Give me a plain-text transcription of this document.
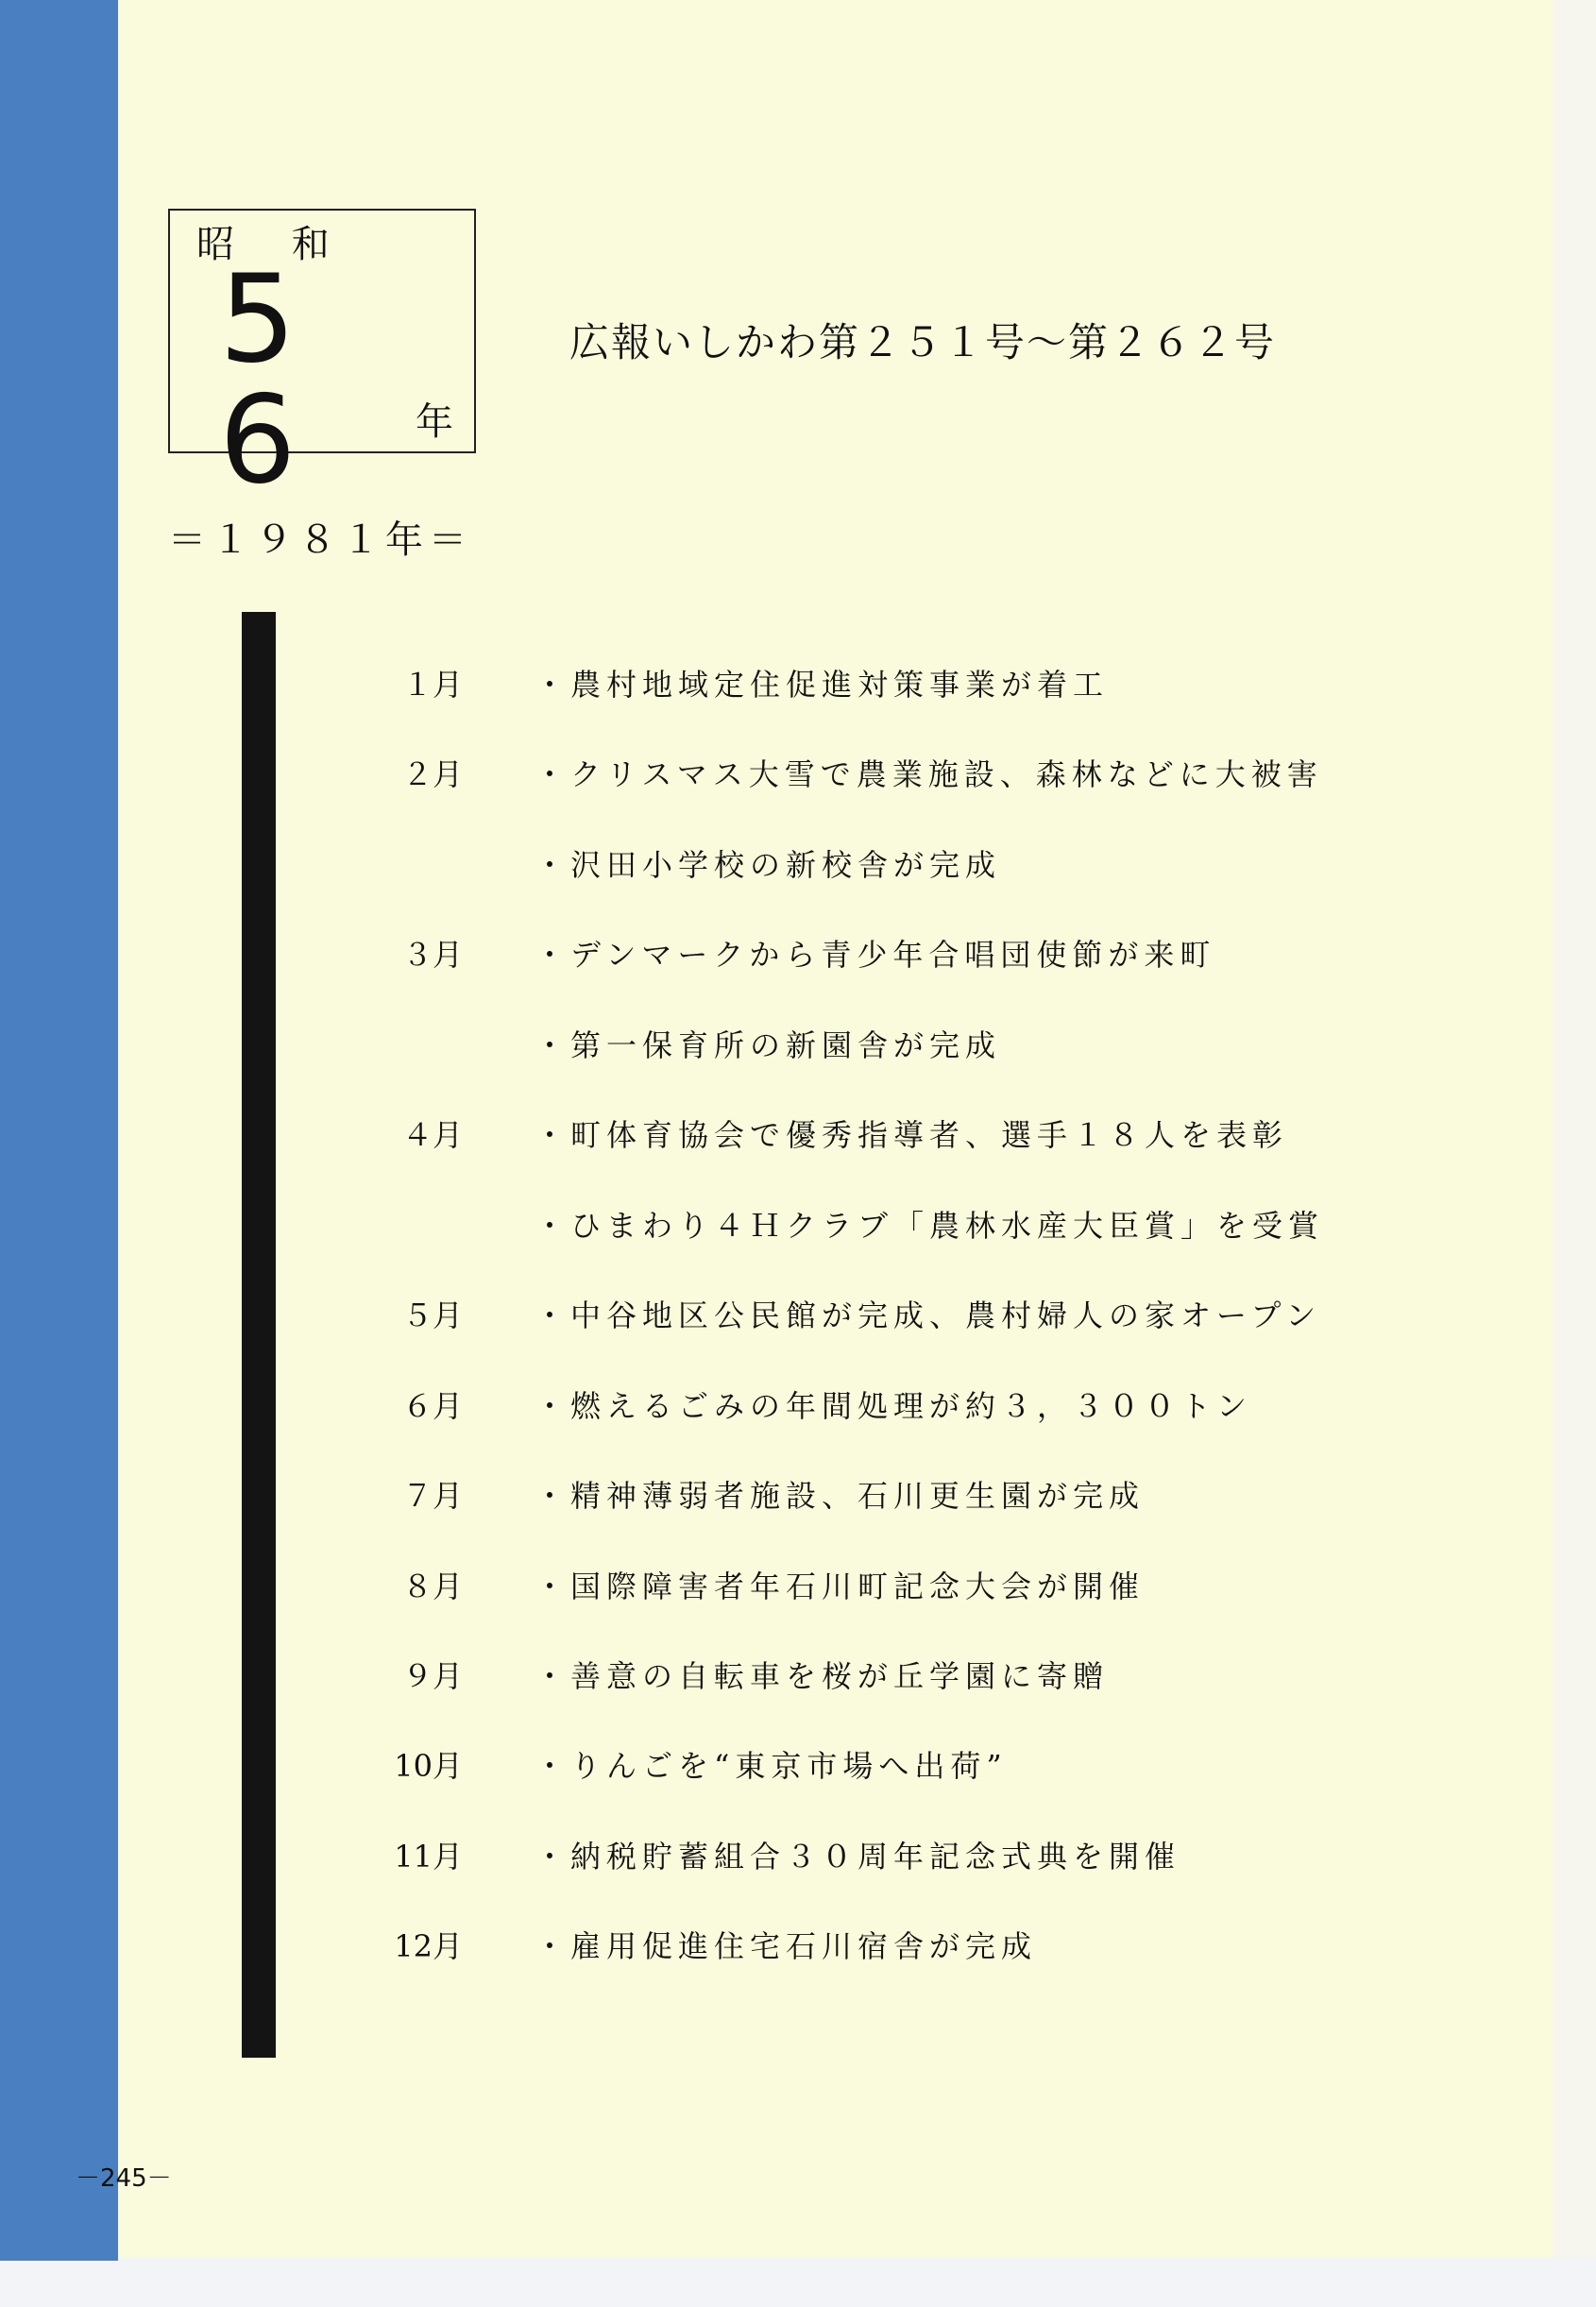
昭 和
5 6	年
広報いしかわ第２５１号～第２６２号
＝１９８１年＝
１月 ・農村地域定住促進対策事業が着工
２月 ・クリスマス大雪で農業施設、森林などに大被害
・沢田小学校の新校舎が完成
３月 ・デンマークから青少年合唱団使節が来町
・第一保育所の新園舎が完成
４月 ・町体育協会で優秀指導者、選手１８人を表彰
・ひまわり４Ｈクラブ「農林水産大臣賞」を受賞
５月 ・中谷地区公民館が完成、農村婦人の家オープン
６月 ・燃えるごみの年間処理が約３，３００トン
７月 ・精神薄弱者施設、石川更生園が完成
８月 ・国際障害者年石川町記念大会が開催
９月 ・善意の自転車を桜が丘学園に寄贈
10月 ・りんごを“東京市場へ出荷”
11月 ・納税貯蓄組合３０周年記念式典を開催
12月 ・雇用促進住宅石川宿舎が完成
－245－
